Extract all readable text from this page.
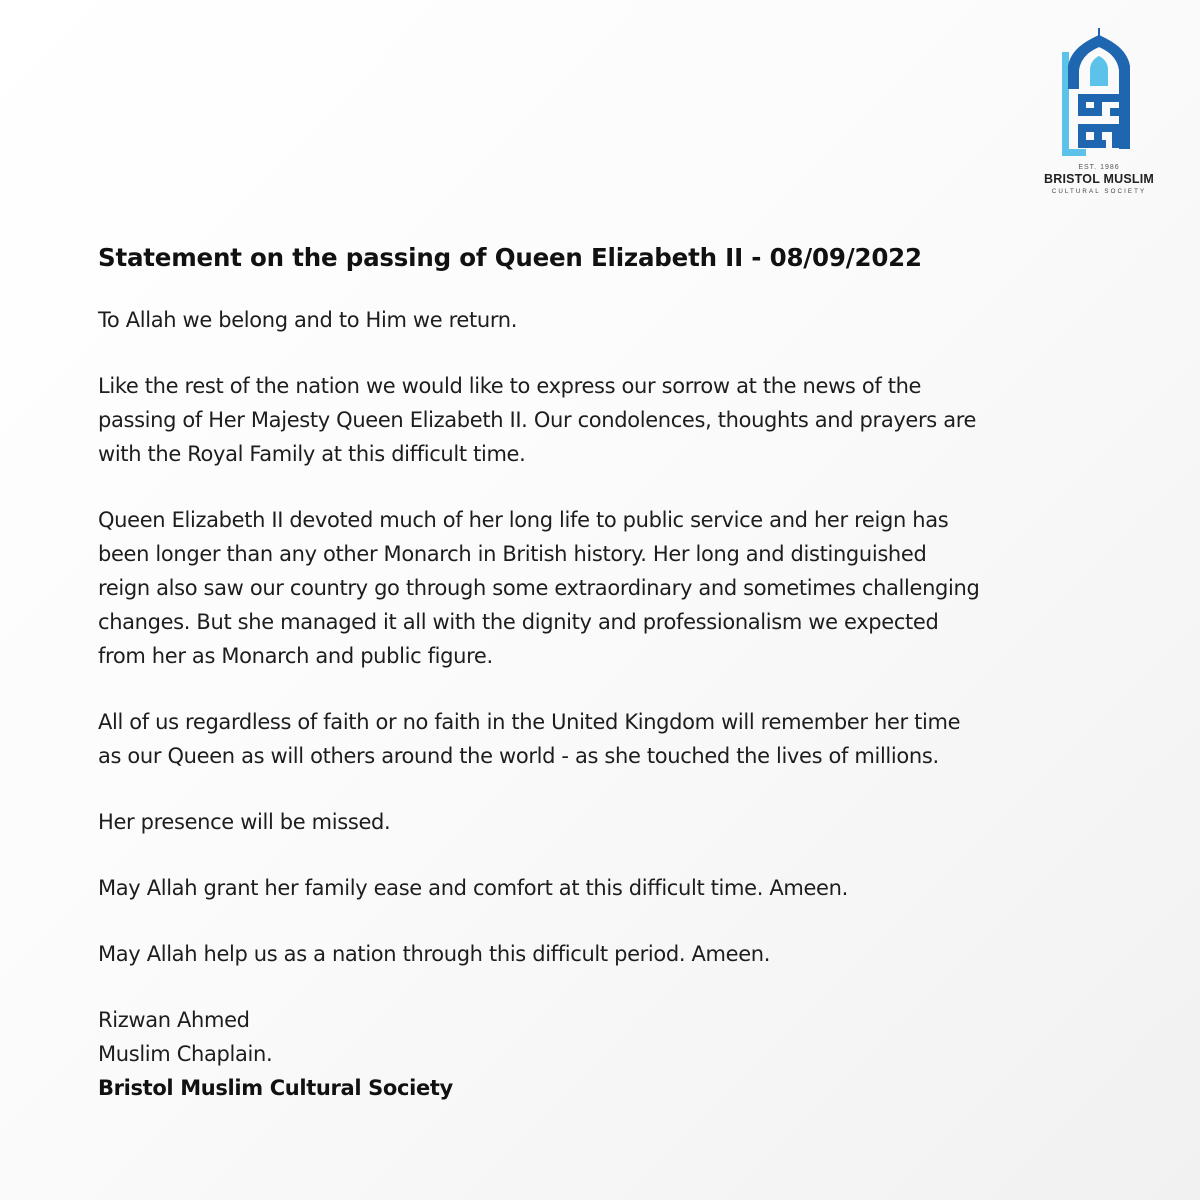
EST. 1986
BRISTOL MUSLIM
CULTURAL SOCIETY
Statement on the passing of Queen Elizabeth II - 08/09/2022

To Allah we belong and to Him we return.

Like the rest of the nation we would like to express our sorrow at the news of the
passing of Her Majesty Queen Elizabeth II. Our condolences, thoughts and prayers are
with the Royal Family at this difficult time.

Queen Elizabeth II devoted much of her long life to public service and her reign has
been longer than any other Monarch in British history. Her long and distinguished
reign also saw our country go through some extraordinary and sometimes challenging
changes. But she managed it all with the dignity and professionalism we expected
from her as Monarch and public figure.

All of us regardless of faith or no faith in the United Kingdom will remember her time
as our Queen as will others around the world - as she touched the lives of millions.

Her presence will be missed.

May Allah grant her family ease and comfort at this difficult time. Ameen.

May Allah help us as a nation through this difficult period. Ameen.

Rizwan Ahmed
Muslim Chaplain.
Bristol Muslim Cultural Society
